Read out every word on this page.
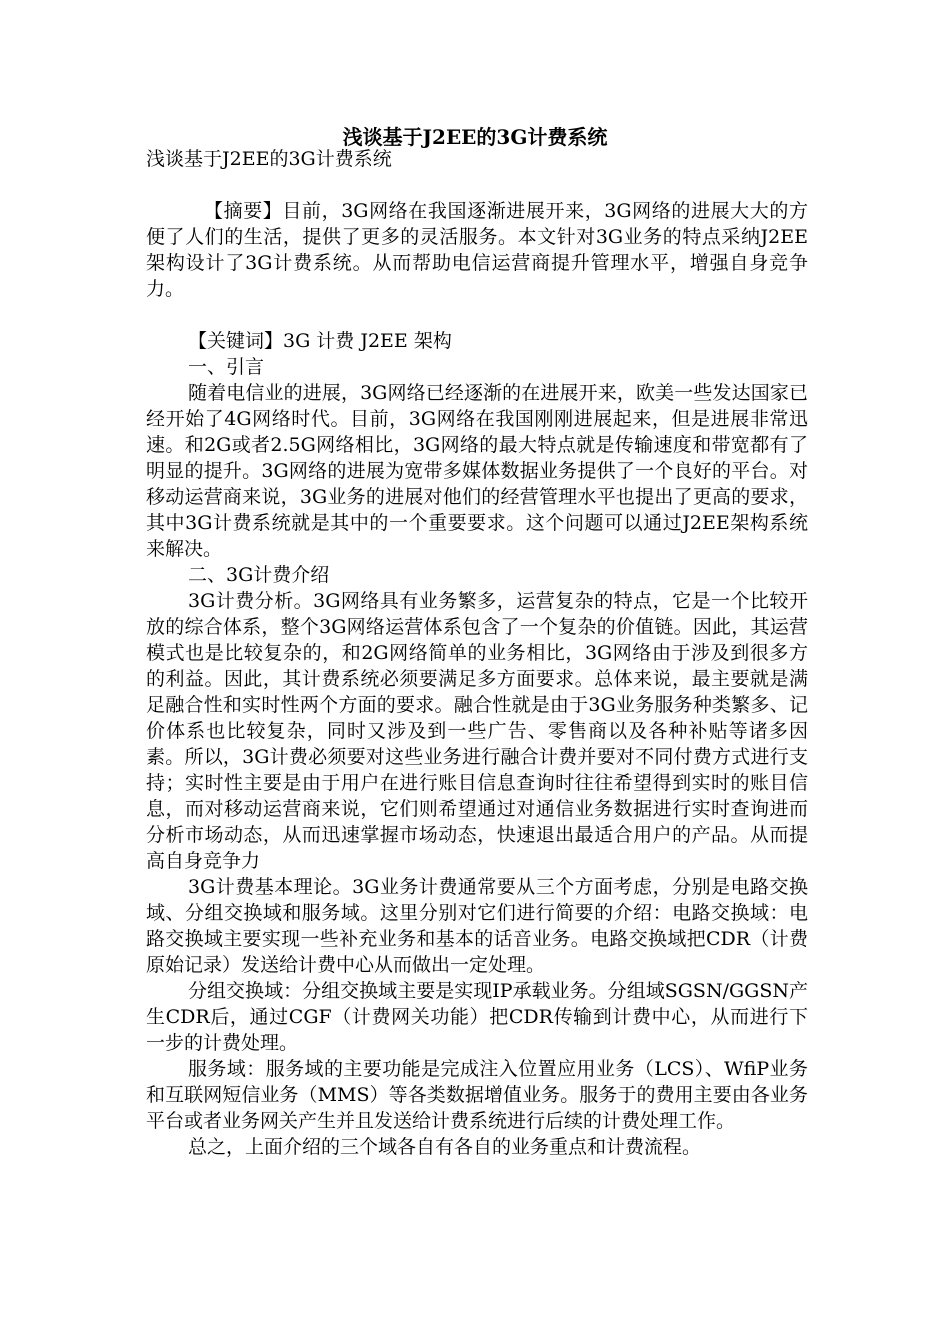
浅谈基于J2EE的3G计费系统

浅谈基于J2EE的3G计费系统

【摘要】目前，3G网络在我国逐渐进展开来，3G网络的进展大大的方便了人们的生活，提供了更多的灵活服务。本文针对3G业务的特点采纳J2EE架构设计了3G计费系统。从而帮助电信运营商提升管理水平，增强自身竞争力。

【关键词】3G 计费 J2EE 架构

一、引言

随着电信业的进展，3G网络已经逐渐的在进展开来，欧美一些发达国家已经开始了4G网络时代。目前，3G网络在我国刚刚进展起来，但是进展非常迅速。和2G或者2.5G网络相比，3G网络的最大特点就是传输速度和带宽都有了明显的提升。3G网络的进展为宽带多媒体数据业务提供了一个良好的平台。对移动运营商来说，3G业务的进展对他们的经营管理水平也提出了更高的要求，其中3G计费系统就是其中的一个重要要求。这个问题可以通过J2EE架构系统来解决。

二、3G计费介绍

3G计费分析。3G网络具有业务繁多，运营复杂的特点，它是一个比较开放的综合体系，整个3G网络运营体系包含了一个复杂的价值链。因此，其运营模式也是比较复杂的，和2G网络简单的业务相比，3G网络由于涉及到很多方的利益。因此，其计费系统必须要满足多方面要求。总体来说，最主要就是满足融合性和实时性两个方面的要求。融合性就是由于3G业务服务种类繁多、记价体系也比较复杂，同时又涉及到一些广告、零售商以及各种补贴等诸多因素。所以，3G计费必须要对这些业务进行融合计费并要对不同付费方式进行支持；实时性主要是由于用户在进行账目信息查询时往往希望得到实时的账目信息，而对移动运营商来说，它们则希望通过对通信业务数据进行实时查询进而分析市场动态，从而迅速掌握市场动态，快速退出最适合用户的产品。从而提高自身竞争力

3G计费基本理论。3G业务计费通常要从三个方面考虑，分别是电路交换域、分组交换域和服务域。这里分别对它们进行简要的介绍：电路交换域：电路交换域主要实现一些补充业务和基本的话音业务。电路交换域把CDR（计费原始记录）发送给计费中心从而做出一定处理。

分组交换域：分组交换域主要是实现IP承载业务。分组域SGSN/GGSN产生CDR后，通过CGF（计费网关功能）把CDR传输到计费中心，从而进行下一步的计费处理。

服务域：服务域的主要功能是完成注入位置应用业务（LCS）、WfiP业务和互联网短信业务（MMS）等各类数据增值业务。服务于的费用主要由各业务平台或者业务网关产生并且发送给计费系统进行后续的计费处理工作。

总之，上面介绍的三个域各自有各自的业务重点和计费流程。
